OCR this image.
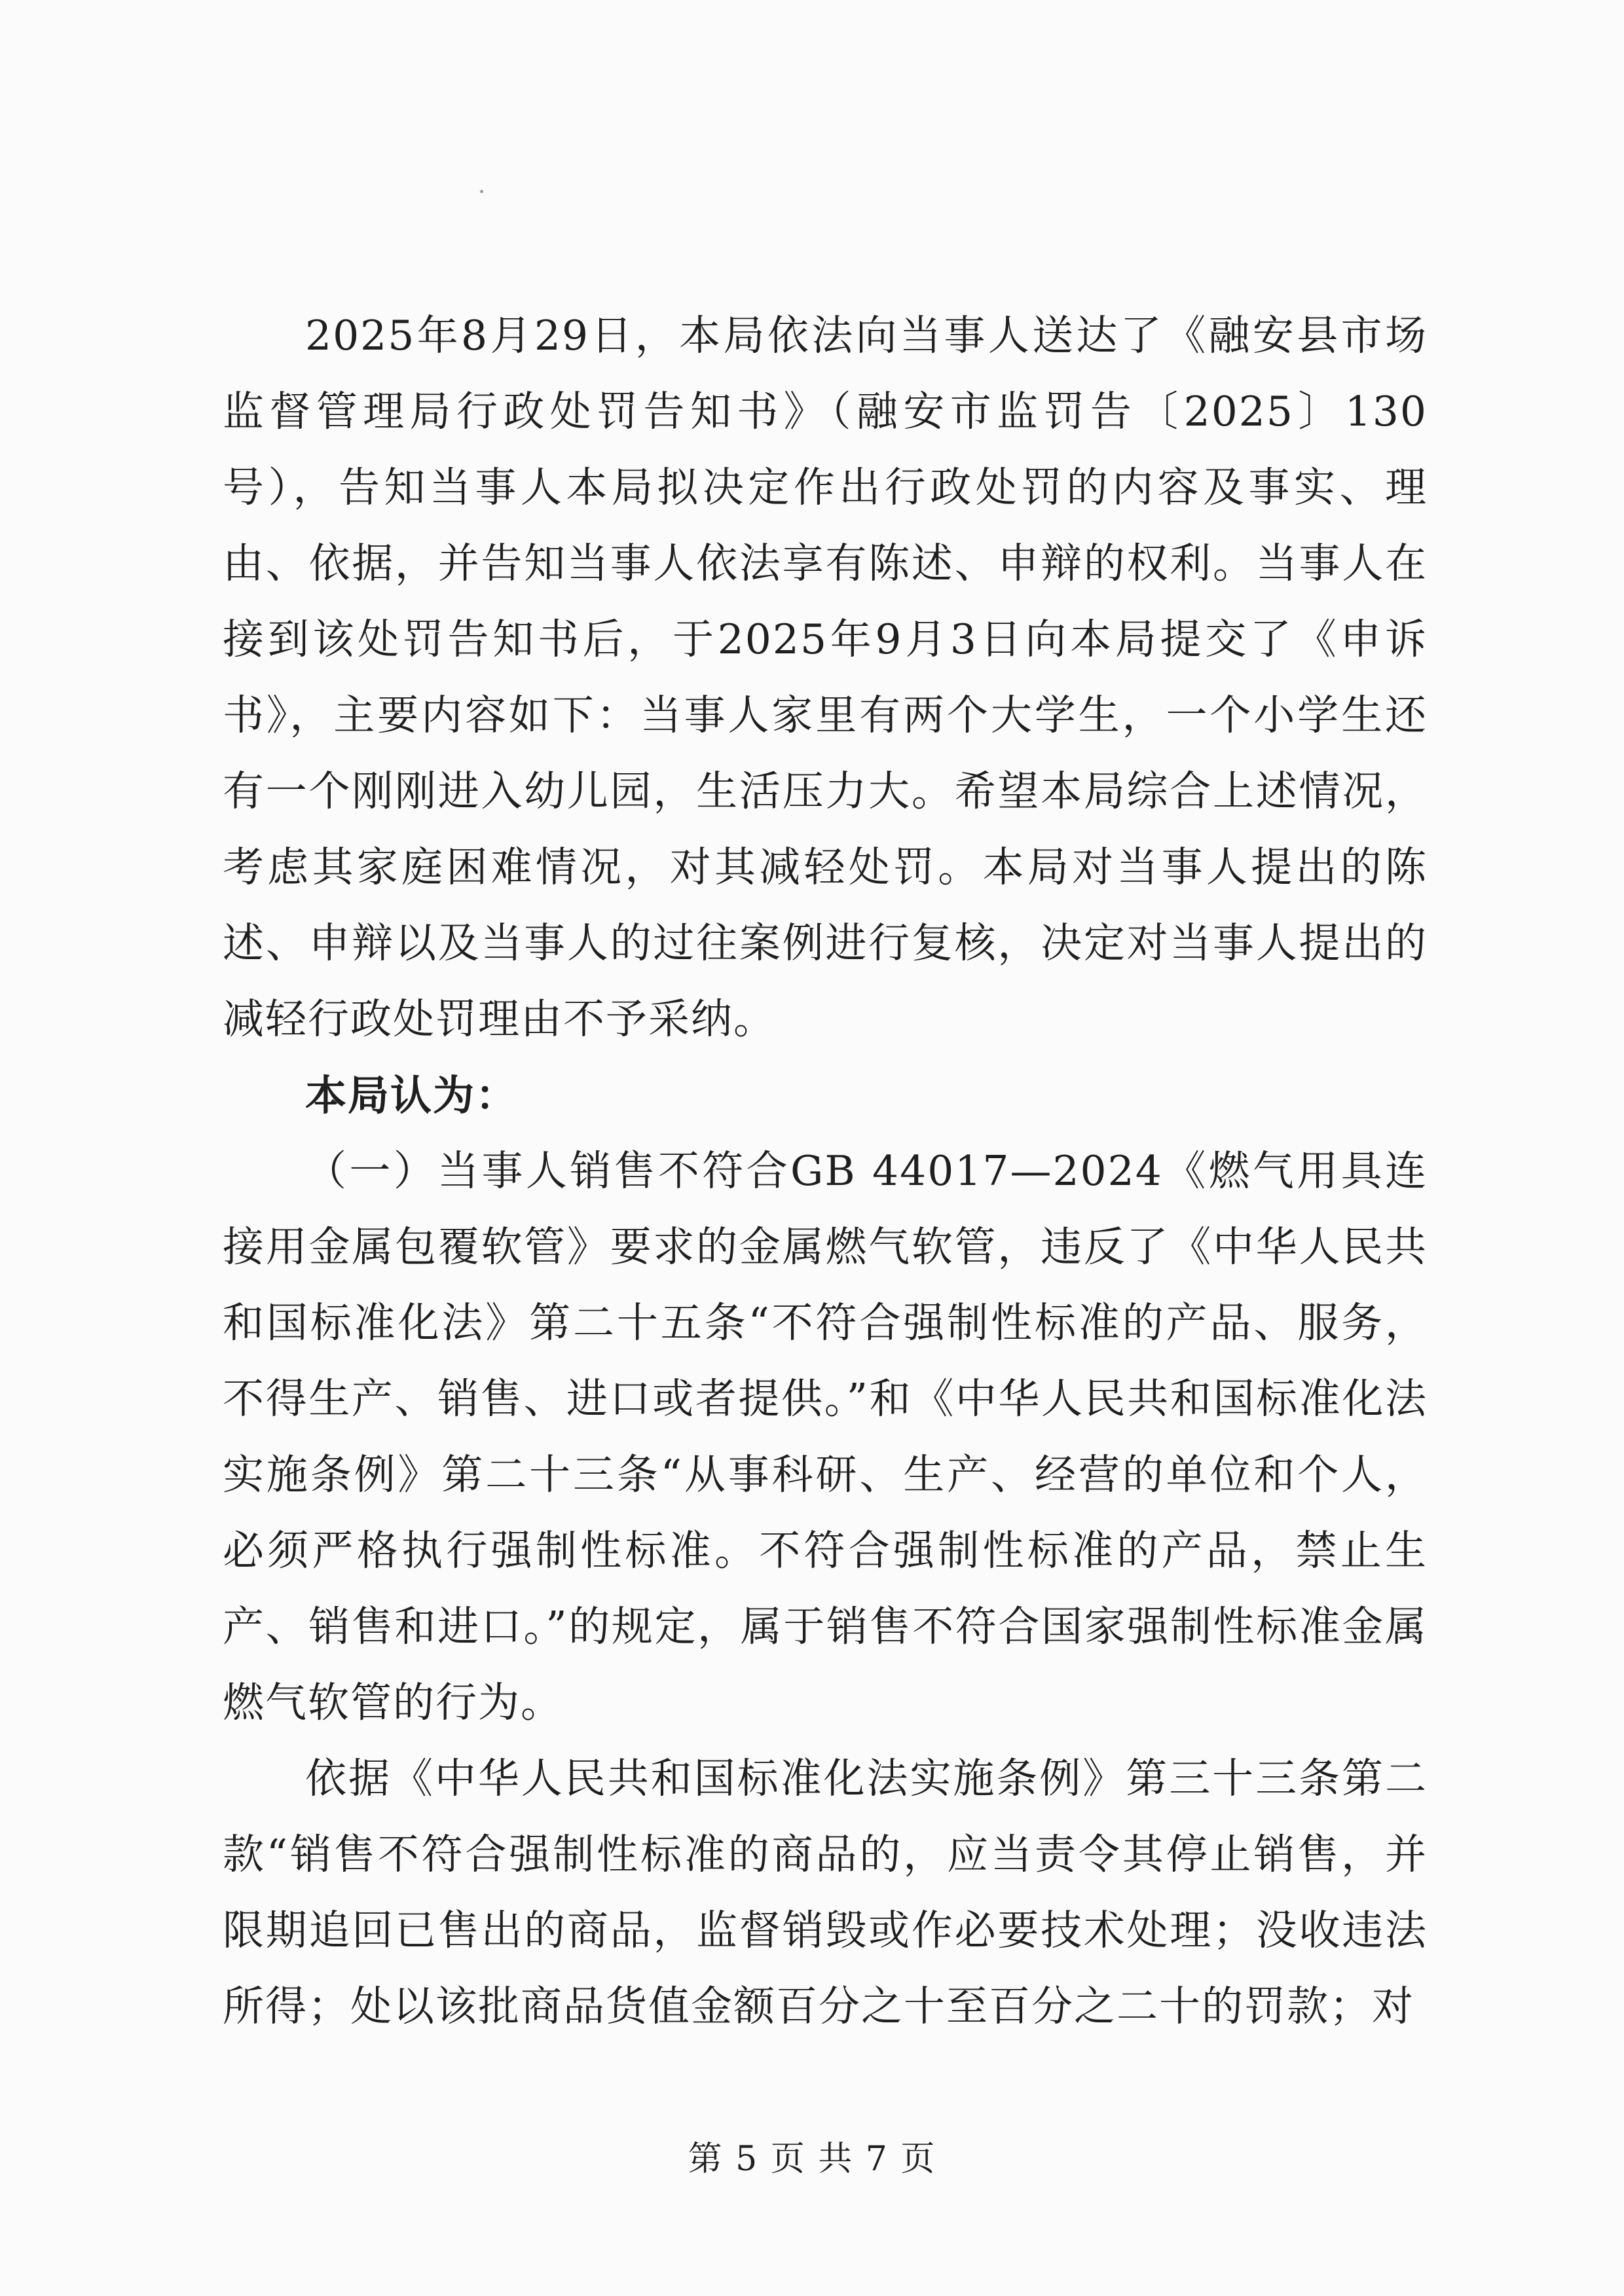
2025年8月29日，本局依法向当事人送达了《融安县市场监督管理局行政处罚告知书》（融安市监罚告〔2025〕130号），告知当事人本局拟决定作出行政处罚的内容及事实、理由、依据，并告知当事人依法享有陈述、申辩的权利。当事人在接到该处罚告知书后，于2025年9月3日向本局提交了《申诉书》，主要内容如下：当事人家里有两个大学生，一个小学生还有一个刚刚进入幼儿园，生活压力大。希望本局综合上述情况，考虑其家庭困难情况，对其减轻处罚。本局对当事人提出的陈述、申辩以及当事人的过往案例进行复核，决定对当事人提出的减轻行政处罚理由不予采纳。

本局认为：

（一）当事人销售不符合GB 44017—2024《燃气用具连接用金属包覆软管》要求的金属燃气软管，违反了《中华人民共和国标准化法》第二十五条“不符合强制性标准的产品、服务，不得生产、销售、进口或者提供。”和《中华人民共和国标准化法实施条例》第二十三条“从事科研、生产、经营的单位和个人，必须严格执行强制性标准。不符合强制性标准的产品，禁止生产、销售和进口。”的规定，属于销售不符合国家强制性标准金属燃气软管的行为。

依据《中华人民共和国标准化法实施条例》第三十三条第二款“销售不符合强制性标准的商品的，应当责令其停止销售，并限期追回已售出的商品，监督销毁或作必要技术处理；没收违法所得；处以该批商品货值金额百分之十至百分之二十的罚款；对

第 5 页 共 7 页
